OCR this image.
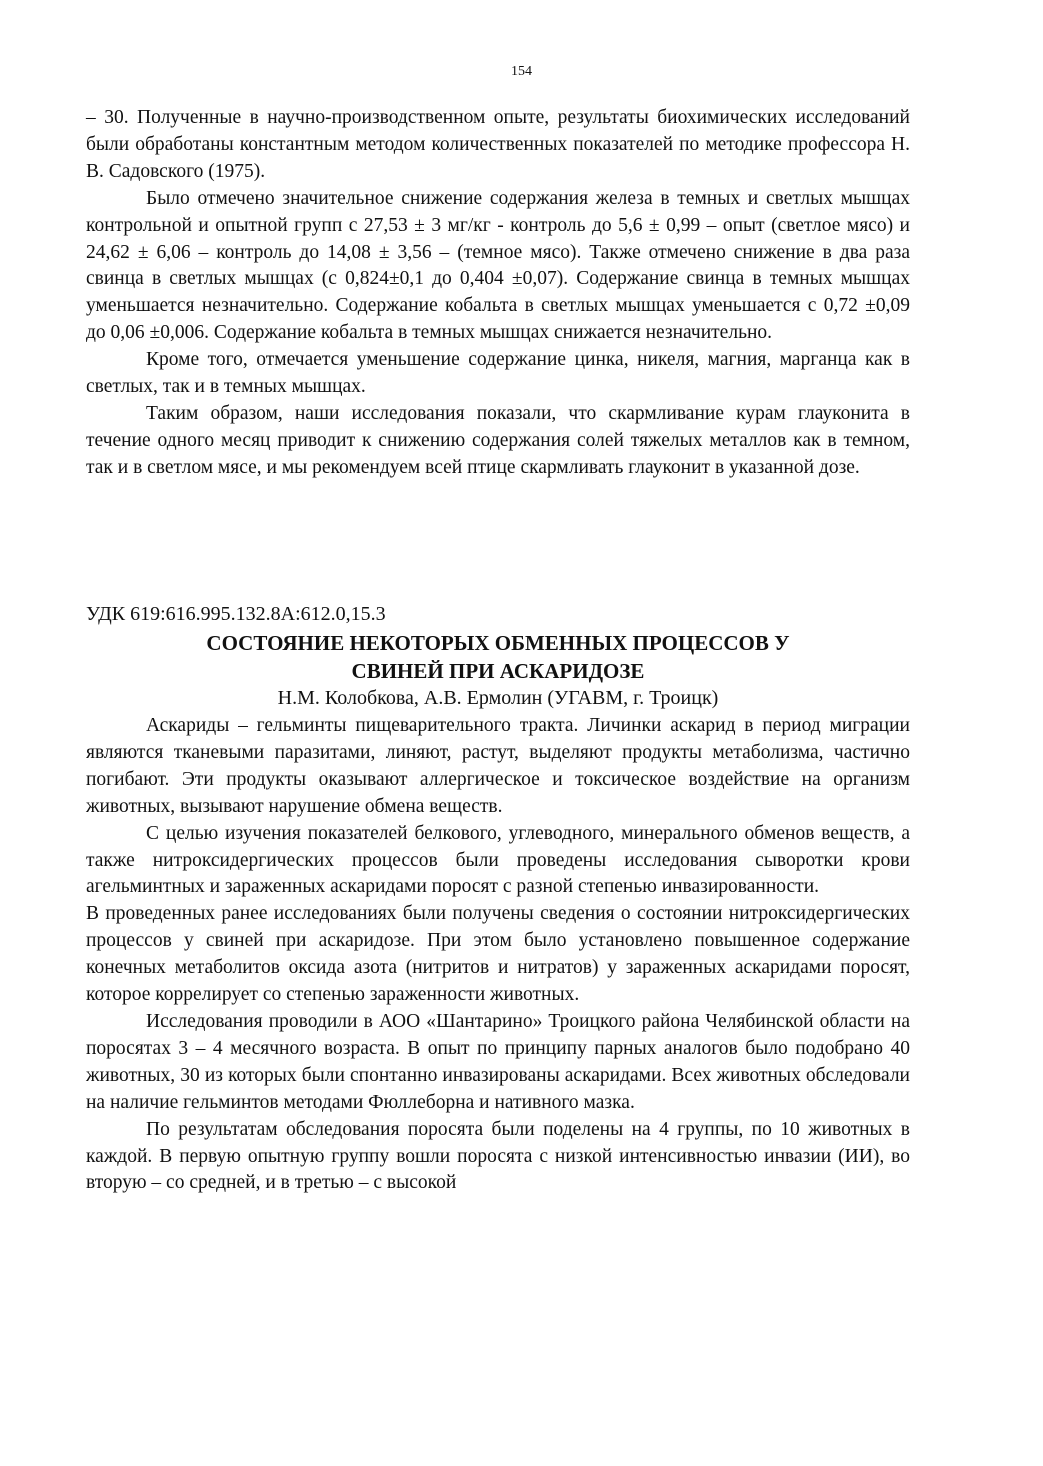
154

– 30. Полученные в научно-производственном опыте, результаты биохимических исследований были обработаны константным методом количественных показателей по методике профессора Н. В. Садовского (1975).

Было отмечено значительное снижение содержания железа в темных и светлых мышцах контрольной и опытной групп с 27,53 ± 3 мг/кг - контроль до 5,6 ± 0,99 – опыт (светлое мясо) и 24,62 ± 6,06 – контроль до 14,08 ± 3,56 – (темное мясо). Также отмечено снижение в два раза свинца в светлых мышцах (с 0,824±0,1 до 0,404 ±0,07). Содержание свинца в темных мышцах уменьшается незначительно. Содержание кобальта в светлых мышцах уменьшается с 0,72 ±0,09 до 0,06 ±0,006. Содержание кобальта в темных мышцах снижается незначительно.

Кроме того, отмечается уменьшение содержание цинка, никеля, магния, марганца как в светлых, так и в темных мышцах.

Таким образом, наши исследования показали, что скармливание курам глауконита в течение одного месяц приводит к снижению содержания солей тяжелых металлов как в темном, так и в светлом мясе, и мы рекомендуем всей птице скармливать глауконит в указанной дозе.

УДК 619:616.995.132.8А:612.0,15.3
СОСТОЯНИЕ НЕКОТОРЫХ ОБМЕННЫХ ПРОЦЕССОВ У
СВИНЕЙ ПРИ АСКАРИДОЗЕ
Н.М. Колобкова, А.В. Ермолин (УГАВМ, г. Троицк)

Аскариды – гельминты пищеварительного тракта. Личинки аскарид в период миграции являются тканевыми паразитами, линяют, растут, выделяют продукты метаболизма, частично погибают. Эти продукты оказывают аллергическое и токсическое воздействие на организм животных, вызывают нарушение обмена веществ.

С целью изучения показателей белкового, углеводного, минерального обменов веществ, а также нитроксидергических процессов были проведены исследования сыворотки крови агельминтных и зараженных аскаридами поросят с разной степенью инвазированности.

В проведенных ранее исследованиях были получены сведения о состоянии нитроксидергических процессов у свиней при аскаридозе. При этом было установлено повышенное содержание конечных метаболитов оксида азота (нитритов и нитратов) у зараженных аскаридами поросят, которое коррелирует со степенью зараженности животных.

Исследования проводили в АОО «Шантарино» Троицкого района Челябинской области на поросятах 3 – 4 месячного возраста. В опыт по принципу парных аналогов было подобрано 40 животных, 30 из которых были спонтанно инвазированы аскаридами. Всех животных обследовали на наличие гельминтов методами Фюллеборна и нативного мазка.

По результатам обследования поросята были поделены на 4 группы, по 10 животных в каждой. В первую опытную группу вошли поросята с низкой интенсивностью инвазии (ИИ), во вторую – со средней, и в третью – с высокой
